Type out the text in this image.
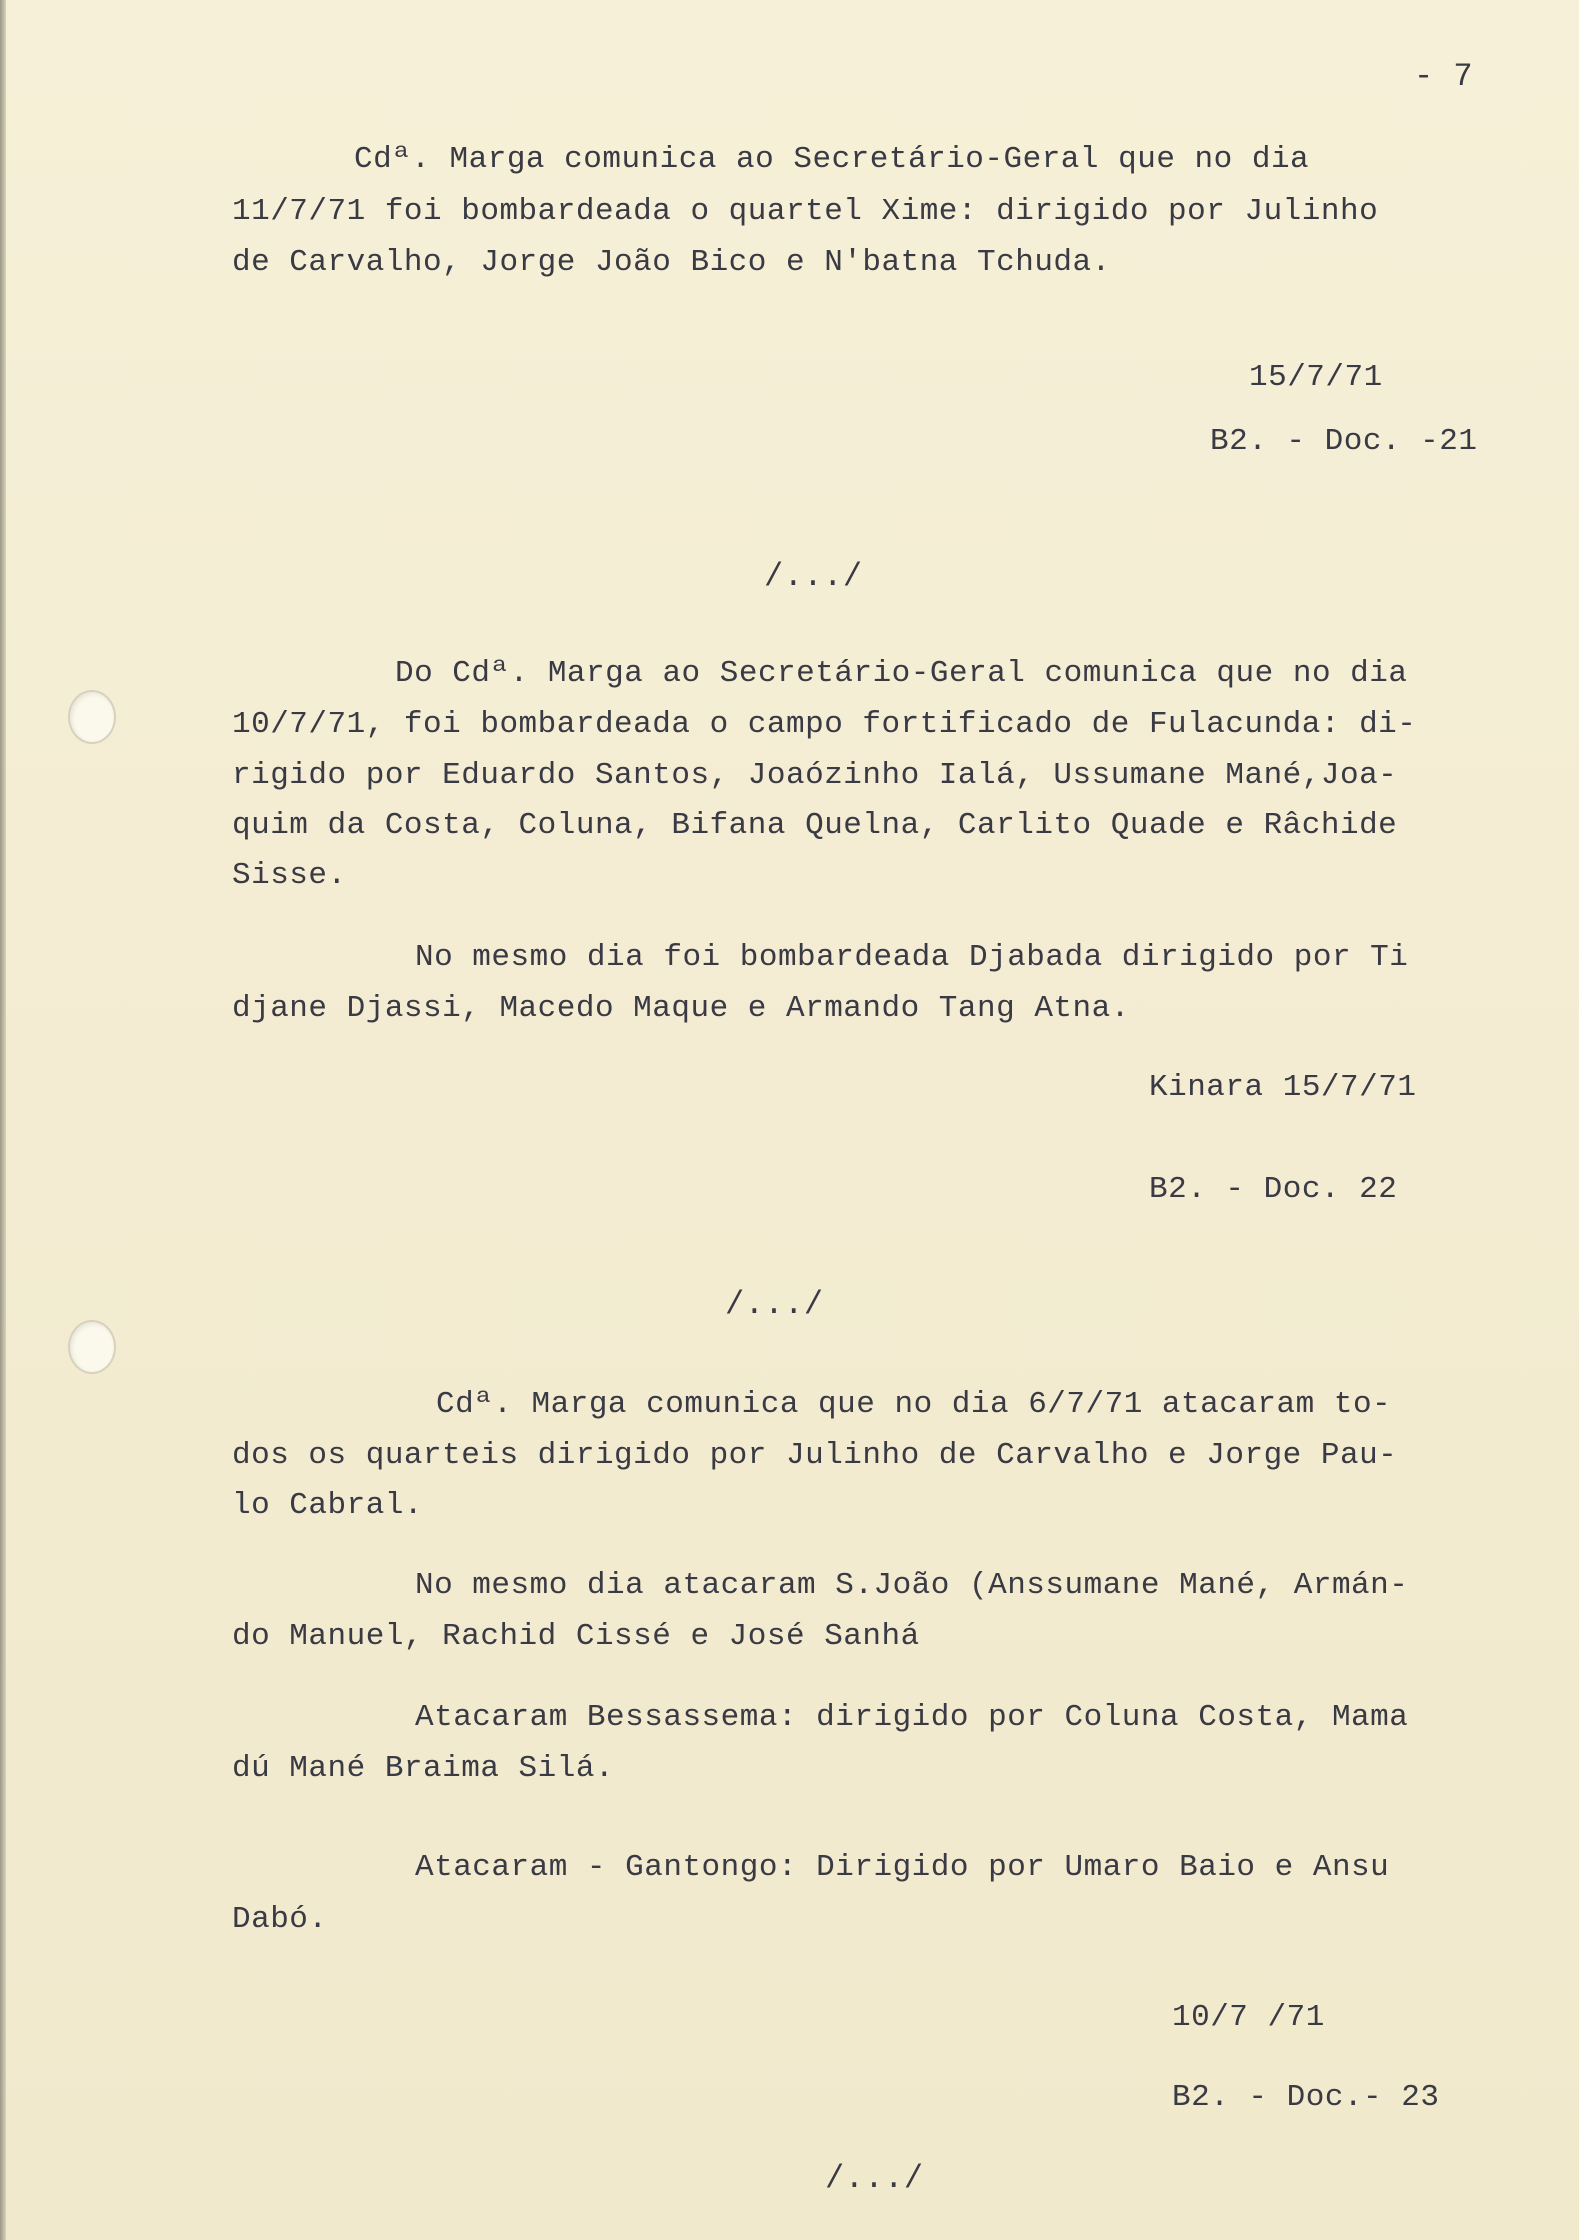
- 7
Cdª. Marga comunica ao Secretário-Geral que no dia
11/7/71 foi bombardeada o quartel Xime: dirigido por Julinho
de Carvalho, Jorge João Bico e N'batna Tchuda.
15/7/71
B2. - Doc. -21
/.../
Do Cdª. Marga ao Secretário-Geral comunica que no dia
10/7/71, foi bombardeada o campo fortificado de Fulacunda: di-
rigido por Eduardo Santos, Joaózinho Ialá, Ussumane Mané,Joa-
quim da Costa, Coluna, Bifana Quelna, Carlito Quade e Râchide
Sisse.
No mesmo dia foi bombardeada Djabada dirigido por Ti
djane Djassi, Macedo Maque e Armando Tang Atna.
Kinara 15/7/71
B2. - Doc. 22
/.../
Cdª. Marga comunica que no dia 6/7/71 atacaram to-
dos os quarteis dirigido por Julinho de Carvalho e Jorge Pau-
lo Cabral.
No mesmo dia atacaram S.João (Anssumane Mané, Armán-
do Manuel, Rachid Cissé e José Sanhá
Atacaram Bessassema: dirigido por Coluna Costa, Mama
dú Mané Braima Silá.
Atacaram - Gantongo: Dirigido por Umaro Baio e Ansu
Dabó.
10/7 /71
B2. - Doc.- 23
/.../
